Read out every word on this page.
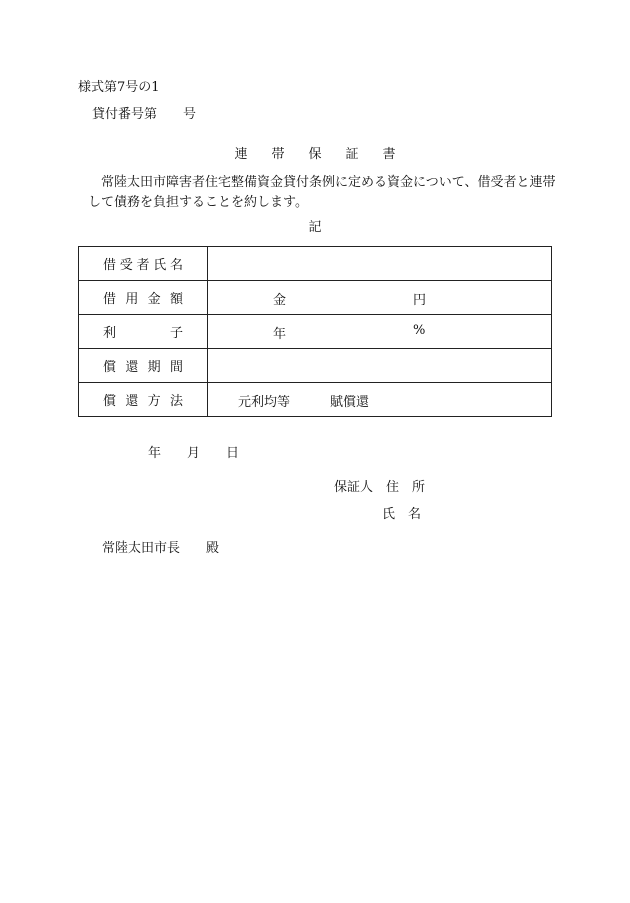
様式第7号の1
貸付番号第　　号
連帯保証書
常陸太田市障害者住宅整備資金貸付条例に定める資金について、借受者と連帯して債務を負担することを約します。
記
借 受 者 氏 名	

借 用 金 額	金 円

利 子	年 %

償 還 期 間	

償 還 方 法	元利均等 賦償還
年　　月　　日
保証人　住　所
氏　名
常陸太田市長　　殿
